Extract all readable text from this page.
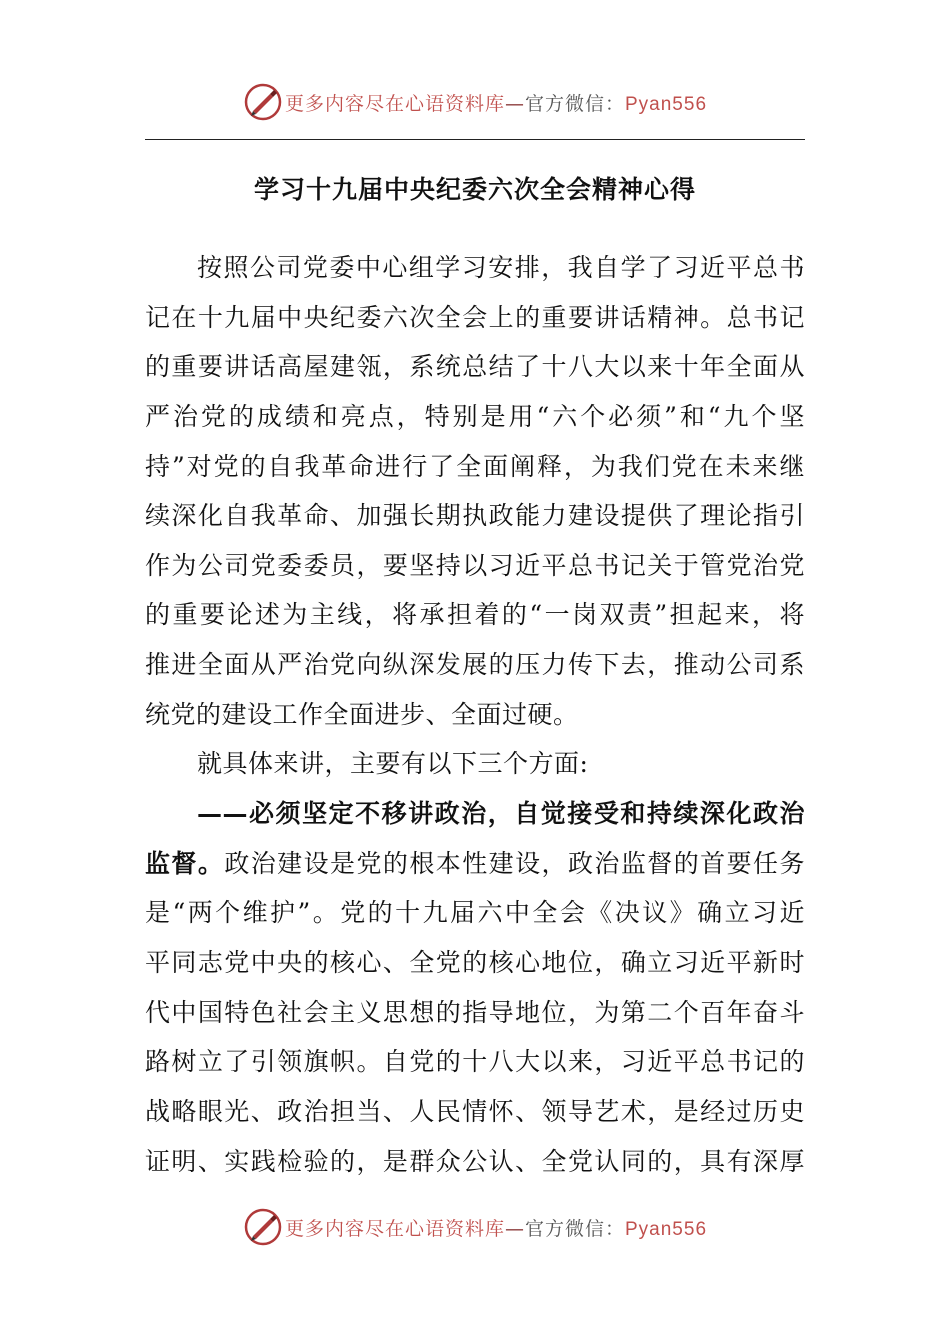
更多内容尽在心语资料库—官方微信：Pyan556
学习十九届中央纪委六次全会精神心得
按照公司党委中心组学习安排，我自学了习近平总书
记在十九届中央纪委六次全会上的重要讲话精神。总书记
的重要讲话高屋建瓴，系统总结了十八大以来十年全面从
严治党的成绩和亮点，特别是用“六个必须”和“九个坚
持”对党的自我革命进行了全面阐释，为我们党在未来继
续深化自我革命、加强长期执政能力建设提供了理论指引
作为公司党委委员，要坚持以习近平总书记关于管党治党
的重要论述为主线，将承担着的“一岗双责”担起来，将
推进全面从严治党向纵深发展的压力传下去，推动公司系
统党的建设工作全面进步、全面过硬。
就具体来讲，主要有以下三个方面:
——必须坚定不移讲政治，自觉接受和持续深化政治
监督。政治建设是党的根本性建设，政治监督的首要任务
是“两个维护”。党的十九届六中全会《决议》确立习近
平同志党中央的核心、全党的核心地位，确立习近平新时
代中国特色社会主义思想的指导地位，为第二个百年奋斗
路树立了引领旗帜。自党的十八大以来，习近平总书记的
战略眼光、政治担当、人民情怀、领导艺术，是经过历史
证明、实践检验的，是群众公认、全党认同的，具有深厚
更多内容尽在心语资料库—官方微信：Pyan556
